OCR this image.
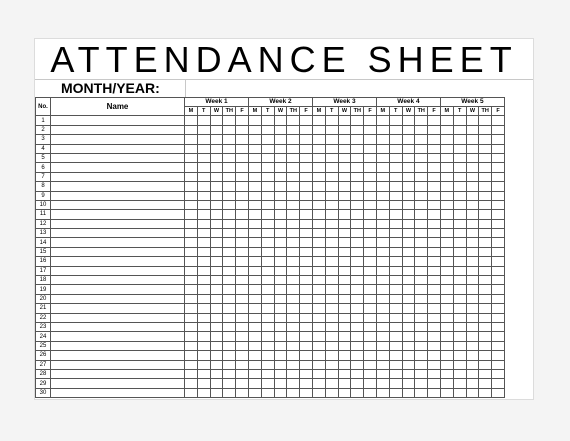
ATTENDANCE SHEET
MONTH/YEAR:
No.	Name	Week 1					Week 2					Week 3					Week 4					Week 5				
		M	T	W	TH	F	M	T	W	TH	F	M	T	W	TH	F	M	T	W	TH	F	M	T	W	TH	F
1																										
2																										
3																										
4																										
5																										
6																										
7																										
8																										
9																										
10																										
11																										
12																										
13																										
14																										
15																										
16																										
17																										
18																										
19																										
20																										
21																										
22																										
23																										
24																										
25																										
26																										
27																										
28																										
29																										
30																										
